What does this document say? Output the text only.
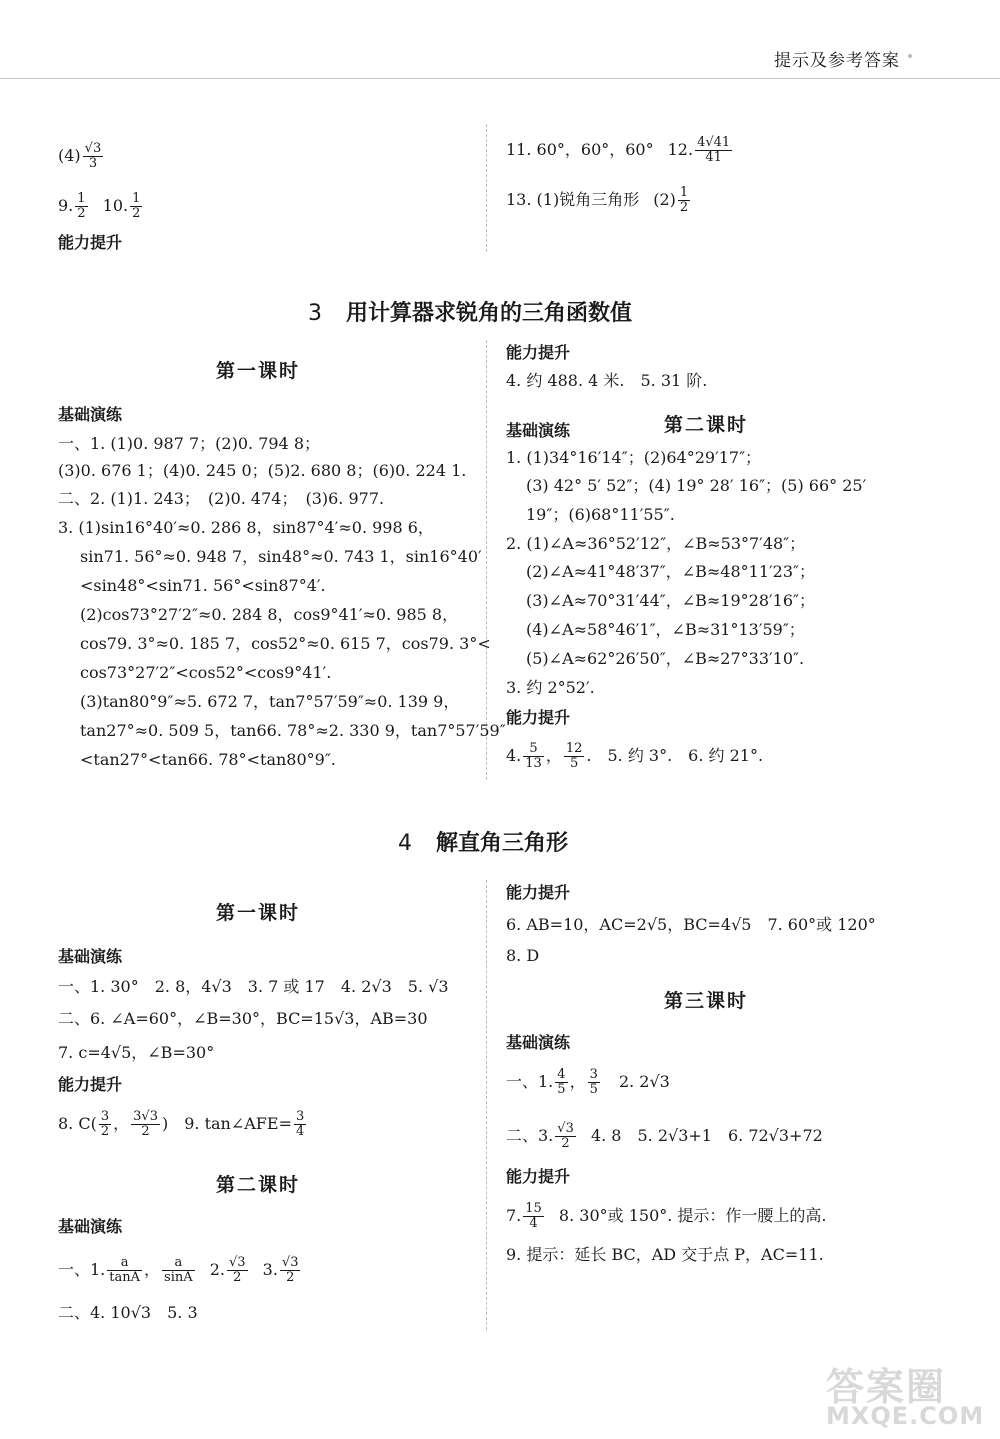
提示及参考答案
$(4) \frac{√3}{3}$
9. $\frac{1}{2} 10$. $\frac{1}{2}$
能力提升
11. 60°，60°，60° 12. $\frac{4√41}{41}$
13. (1)锐角三角形 $(2) \frac{1}{2}$
3 用计算器求锐角的三角函数值
第一课时
基础演练
一、1. (1)0. 987 7；(2)0. 794 8；
(3)0. 676 1；(4)0. 245 0；(5)2. 680 8；(6)0. 224 1.
二、2. (1)1. 243；　(2)0. 474；　(3)6. 977.
3. (1)sin16°40′≈0. 286 8，sin87°4′≈0. 998 6，
sin71. 56°≈0. 948 7，sin48°≈0. 743 1，sin16°40′
<sin48°<sin71. 56°<sin87°4′.
(2)cos73°27′2″≈0. 284 8，cos9°41′≈0. 985 8，
cos79. 3°≈0. 185 7，cos52°≈0. 615 7，cos79. 3°<
cos73°27′2″<cos52°<cos9°41′.
(3)tan80°9″≈5. 672 7，tan7°57′59″≈0. 139 9，
tan27°≈0. 509 5，tan66. 78°≈2. 330 9，tan7°57′59″
<tan27°<tan66. 78°<tan80°9″.
能力提升
4. 约 488. 4 米.　5. 31 阶.
基础演练	第二课时
1. (1)34°16′14″；(2)64°29′17″；
(3) 42° 5′ 52″；(4) 19° 28′ 16″；(5) 66° 25′
19″；(6)68°11′55″.
2. (1)∠A≈36°52′12″，∠B≈53°7′48″；
(2)∠A≈41°48′37″，∠B≈48°11′23″；
(3)∠A≈70°31′44″，∠B≈19°28′16″；
(4)∠A≈58°46′1″，∠B≈31°13′59″；
(5)∠A≈62°26′50″，∠B≈27°33′10″.
3. 约 2°52′.
能力提升
4. $\frac{5}{13}$ ， $\frac{12}{5}$ .　5. 约 3°.　6. 约 21°.
4 解直角三角形
第一课时
基础演练
一、1. 30°　2. 8，4√3　3. 7 或 17　4. 2√3　5. √3
二、6. ∠A=60°，∠B=30°，BC=15√3，AB=30
7. c=4√5，∠B=30°
能力提升
8. $C( \frac{3}{2}$ ， $\frac{3√3}{2}$ )　9. tan∠AFE= $\frac{3}{4}$
第二课时
基础演练
一、1. $\frac{a}{\tan A}$ ， $\frac{a}{\sin A} 2$. $\frac{√3}{2} 3$. $\frac{√3}{2}$
二、4. 10√3　5. 3
能力提升
6. AB=10，AC=2√5，BC=4√5　7. 60°或 120°
8. D
第三课时
基础演练
一、1. $\frac{4}{5}$ ， $\frac{3}{5} 2$. 2√3
二、3. $\frac{√3}{2} 4$. 8　5. 2√3+1　6. 72√3+72
能力提升
7. $\frac{15}{4} 8$. 30°或 150°. 提示：作一腰上的高.
9. 提示：延长 BC，AD 交于点 P，AC=11.
答案圈
MXQE.COM
